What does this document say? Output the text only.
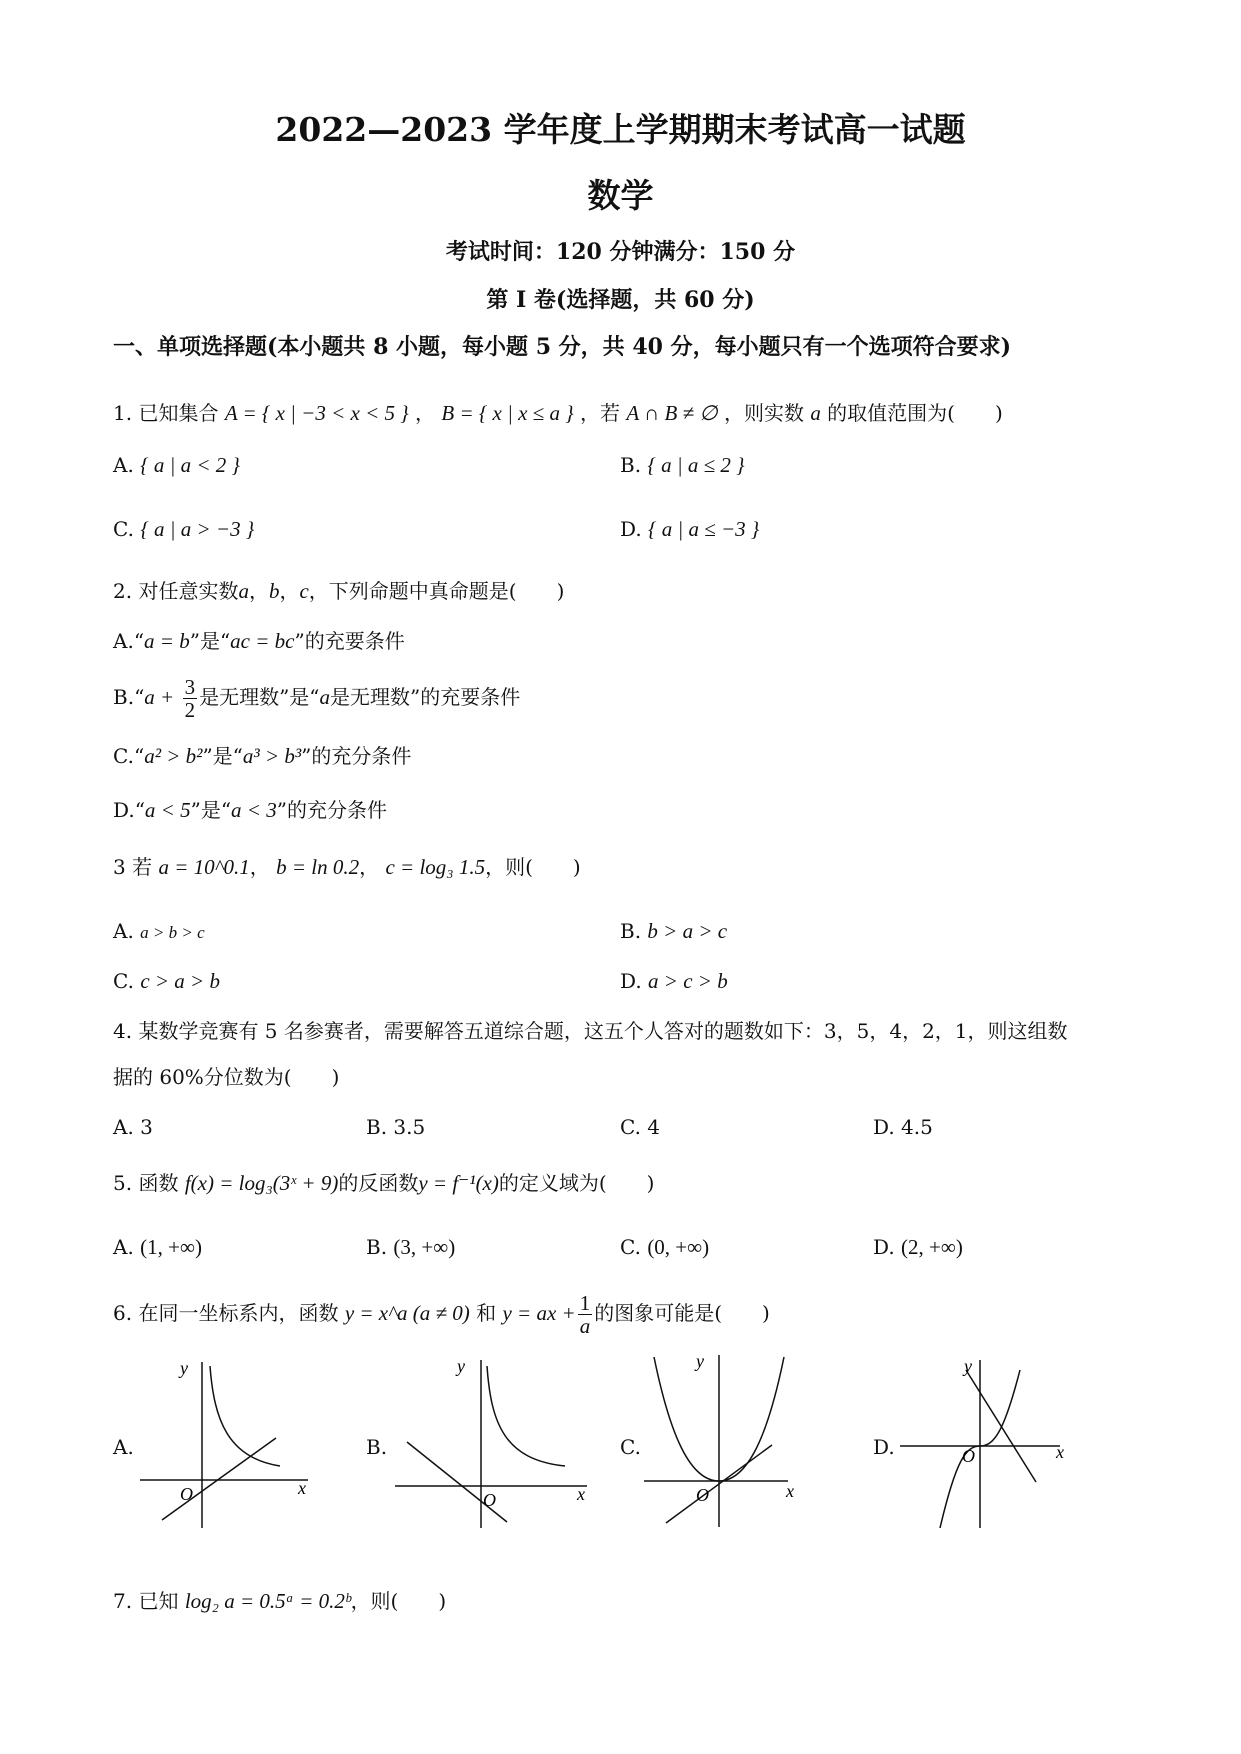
2022—2023 学年度上学期期末考试高一试题
数学
考试时间：120 分钟满分：150 分
第 I 卷(选择题，共 60 分)
一、单项选择题(本小题共 8 小题，每小题 5 分，共 40 分，每小题只有一个选项符合要求)
1. 已知集合 A = { x | −3 < x < 5 } ， B = { x | x ≤ a } ，若 A ∩ B ≠ ∅ ，则实数 a 的取值范围为(　　)
A. { a | a < 2 }	B. { a | a ≤ 2 }
C. { a | a > −3 }	D. { a | a ≤ −3 }
2. 对任意实数a，b，c，下列命题中真命题是(　　)
A.“a = b”是“ac = bc”的充要条件
B.“a + $\frac{3}{2}$ 是无理数”是“a是无理数”的充要条件
C.“a² > b²”是“a³ > b³”的充分条件
D.“a < 5”是“a < 3”的充分条件
3 若 a = 10^0.1， b = ln 0.2， c = log₃ 1.5，则(　　)
A. a > b > c	B. b > a > c
C. c > a > b	D. a > c > b
4. 某数学竞赛有 5 名参赛者，需要解答五道综合题，这五个人答对的题数如下：3，5，4，2，1，则这组数
据的 60%分位数为(　　)
A. 3	B. 3.5	C. 4	D. 4.5
5. 函数 f(x) = log₃(3ˣ + 9)的反函数y = f⁻¹(x)的定义域为(　　)
A. (1, +∞)	B. (3, +∞)	C. (0, +∞)	D. (2, +∞)
6. 在同一坐标系内，函数 y = x^a (a ≠ 0) 和 y = ax + $\frac{1}{a}$ 的图象可能是(　　)
A.	B.	C.	D.
y
x
O
y
x
O
y
x
O
y
x
O
7. 已知 log₂ a = 0.5ᵃ = 0.2ᵇ，则(　　)
